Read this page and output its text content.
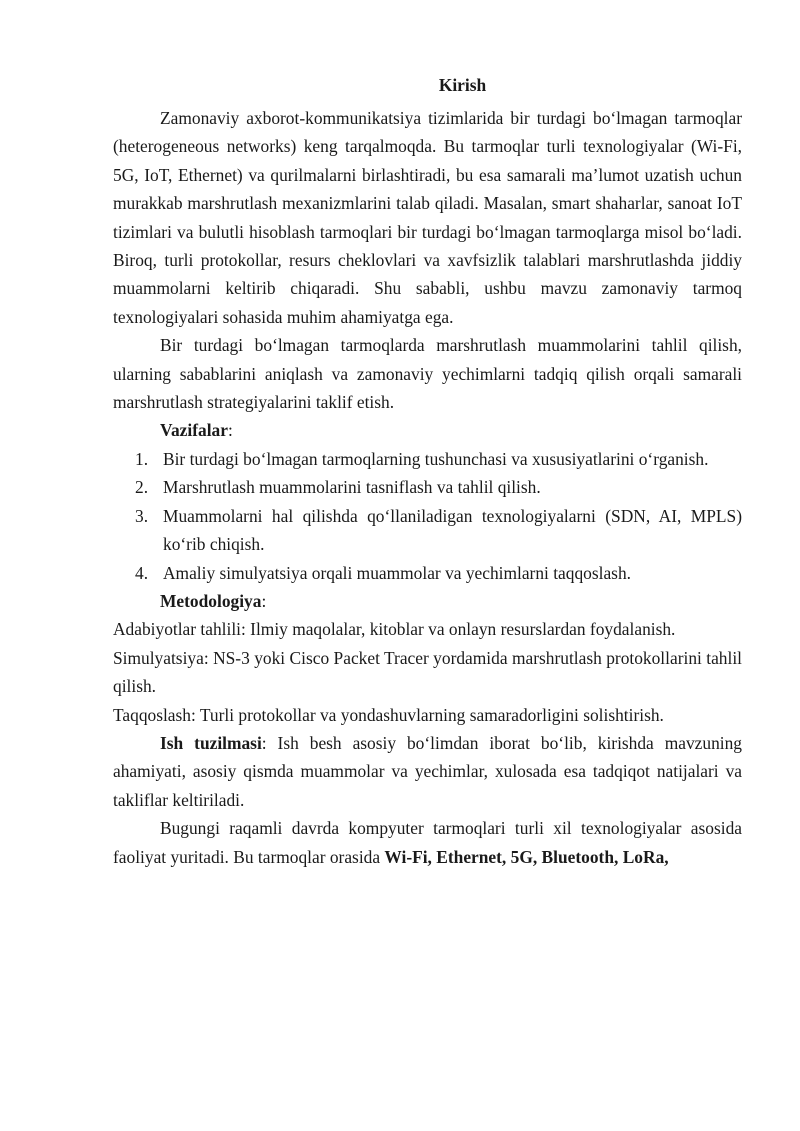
Kirish

Zamonaviy axborot-kommunikatsiya tizimlarida bir turdagi bo‘lmagan tarmoqlar (heterogeneous networks) keng tarqalmoqda. Bu tarmoqlar turli texnologiyalar (Wi-Fi, 5G, IoT, Ethernet) va qurilmalarni birlashtiradi, bu esa samarali ma’lumot uzatish uchun murakkab marshrutlash mexanizmlarini talab qiladi. Masalan, smart shaharlar, sanoat IoT tizimlari va bulutli hisoblash tarmoqlari bir turdagi bo‘lmagan tarmoqlarga misol bo‘ladi. Biroq, turli protokollar, resurs cheklovlari va xavfsizlik talablari marshrutlashda jiddiy muammolarni keltirib chiqaradi. Shu sababli, ushbu mavzu zamonaviy tarmoq texnologiyalari sohasida muhim ahamiyatga ega.

Bir turdagi bo‘lmagan tarmoqlarda marshrutlash muammolarini tahlil qilish, ularning sabablarini aniqlash va zamonaviy yechimlarni tadqiq qilish orqali samarali marshrutlash strategiyalarini taklif etish.

Vazifalar:

1. Bir turdagi bo‘lmagan tarmoqlarning tushunchasi va xususiyatlarini o‘rganish.
2. Marshrutlash muammolarini tasniflash va tahlil qilish.
3. Muammolarni hal qilishda qo‘llaniladigan texnologiyalarni (SDN, AI, MPLS) ko‘rib chiqish.
4. Amaliy simulyatsiya orqali muammolar va yechimlarni taqqoslash.

Metodologiya:

Adabiyotlar tahlili: Ilmiy maqolalar, kitoblar va onlayn resurslardan foydalanish.

Simulyatsiya: NS-3 yoki Cisco Packet Tracer yordamida marshrutlash protokollarini tahlil qilish.

Taqqoslash: Turli protokollar va yondashuvlarning samaradorligini solishtirish.

Ish tuzilmasi: Ish besh asosiy bo‘limdan iborat bo‘lib, kirishda mavzuning ahamiyati, asosiy qismda muammolar va yechimlar, xulosada esa tadqiqot natijalari va takliflar keltiriladi.

Bugungi raqamli davrda kompyuter tarmoqlari turli xil texnologiyalar asosida faoliyat yuritadi. Bu tarmoqlar orasida Wi-Fi, Ethernet, 5G, Bluetooth, LoRa,
